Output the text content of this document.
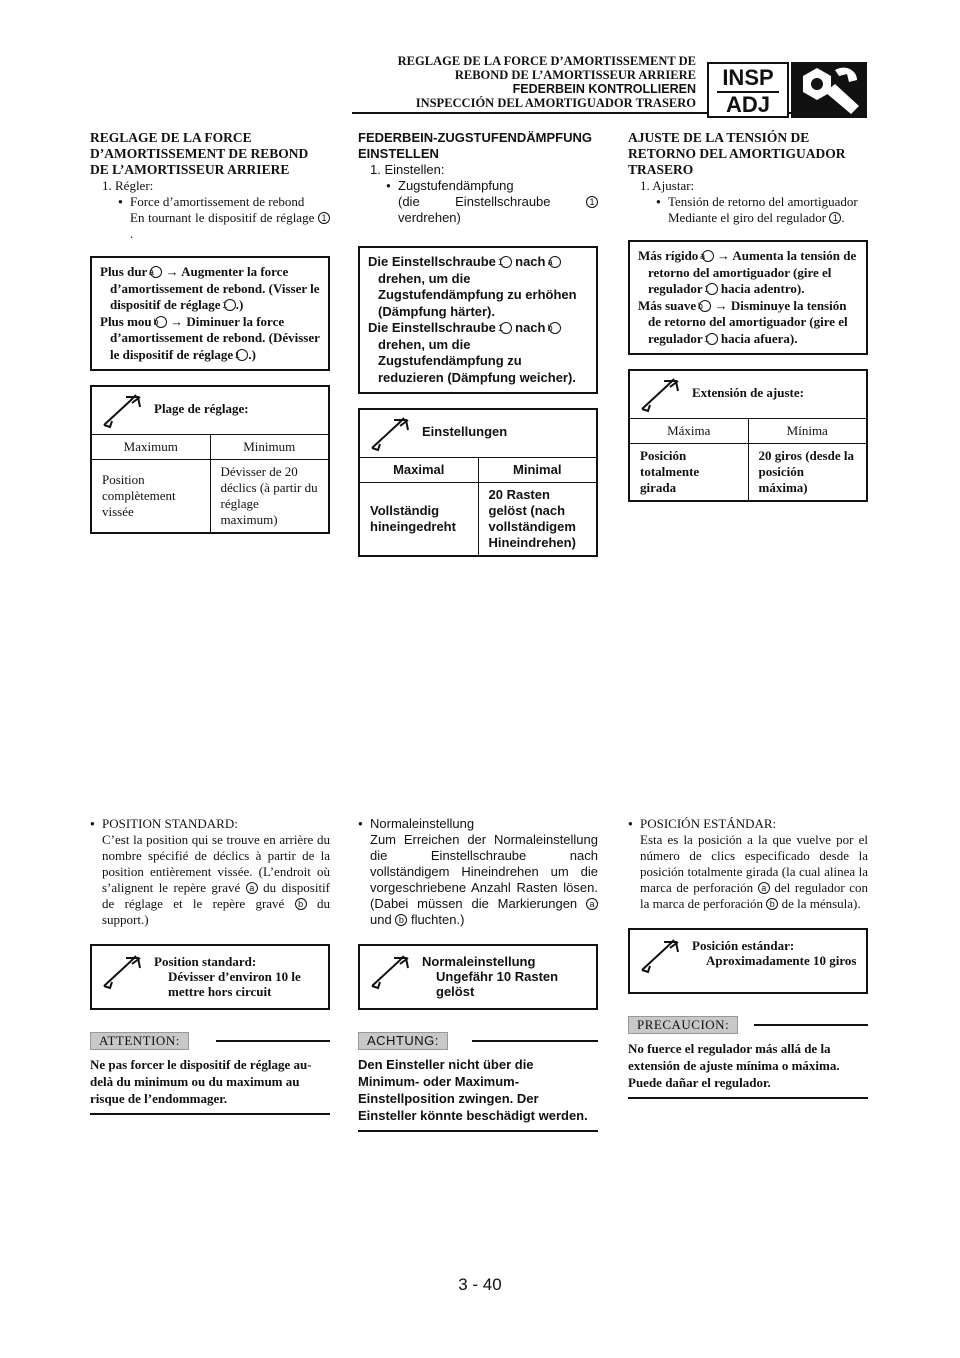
REGLAGE DE LA FORCE D’AMORTISSEMENT DE
REBOND DE L’AMORTISSEUR ARRIERE
FEDERBEIN KONTROLLIEREN
INSPECCIÓN DEL AMORTIGUADOR TRASERO
INSP
ADJ
REGLAGE DE LA FORCE D’AMORTISSEMENT DE REBOND DE L’AMORTISSEUR ARRIERE
1. Régler:
● Force d’amortissement de rebond
En tournant le dispositif de réglage 1.
Plus dur a → Augmenter la force d’amortissement de rebond. (Visser le dispositif de réglage 1 .)
Plus mou b → Diminuer la force d’amortissement de rebond. (Dévisser le dispositif de réglage 1 .)
Plage de réglage:
Maximum	Minimum
Position complètement vissée	Dévisser de 20 déclics (à partir du réglage maximum)
FEDERBEIN-ZUGSTUFENDÄMPFUNG EINSTELLEN
1. Einstellen:
● Zugstufendämpfung
(die Einstellschraube	1 verdrehen)
Die Einstellschraube 1 nach a drehen, um die Zugstufendämpfung zu erhöhen (Dämpfung härter).
Die Einstellschraube 1 nach b drehen, um die Zugstufendämpfung zu reduzieren (Dämpfung weicher).
Einstellungen
Maximal	Minimal
Vollständig hineingedreht	20 Rasten gelöst (nach vollständigem Hineindrehen)
AJUSTE DE LA TENSIÓN DE RETORNO DEL AMORTIGUADOR TRASERO
1. Ajustar:
● Tensión de retorno del amortiguador
Mediante el giro del regulador 1 .
Más rígido a → Aumenta la tensión de retorno del amortiguador (gire el regulador 1 hacia adentro).
Más suave b → Disminuye la tensión de retorno del amortiguador (gire el regulador 1 hacia afuera).
Extensión de ajuste:
Máxima	Mínima
Posición totalmente girada	20 giros (desde la posición máxima)
● POSITION STANDARD:
C’est la position qui se trouve en arrière du nombre spécifié de déclics à partir de la position entièrement vissée. (L’endroit où s’alignent le repère gravé a du dispositif de réglage et le repère gravé b du support.)
Position standard:
Dévisser d’environ 10 le mettre hors circuit
ATTENTION:
Ne pas forcer le dispositif de réglage au-delà du minimum ou du maximum au risque de l’endommager.
● Normaleinstellung
Zum Erreichen der Normaleinstellung die Einstellschraube nach vollständigem Hineindrehen um die vorgeschriebene Anzahl Rasten lösen. (Dabei müssen die Markierungen a und b fluchten.)
Normaleinstellung
Ungefähr 10 Rasten gelöst
ACHTUNG:
Den Einsteller nicht über die Minimum- oder Maximum-Einstellposition zwingen. Der Einsteller könnte beschädigt werden.
● POSICIÓN ESTÁNDAR:
Esta es la posición a la que vuelve por el número de clics especificado desde la posición totalmente girada (la cual alinea la marca de perforación a del regulador con la marca de perforación b de la ménsula).
Posición estándar:
Aproximadamente 10 giros
PRECAUCION:
No fuerce el regulador más allá de la extensión de ajuste mínima o máxima. Puede dañar el regulador.
3 - 40
